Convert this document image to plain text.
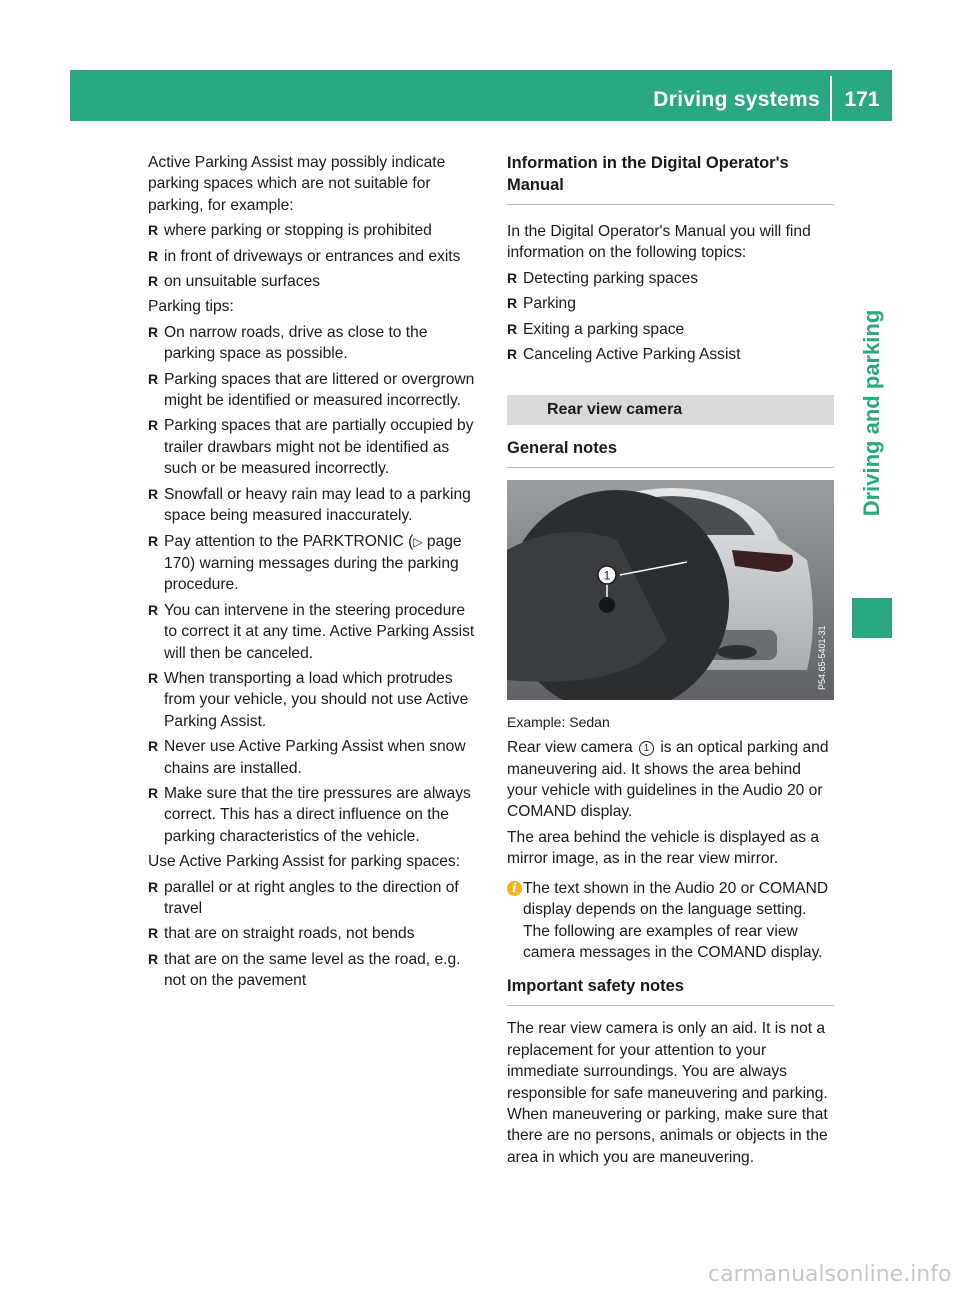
Driving systems	171
Driving and parking

Active Parking Assist may possibly indicate parking spaces which are not suitable for parking, for example:

R where parking or stopping is prohibited
R in front of driveways or entrances and exits
R on unsuitable surfaces

Parking tips:

R On narrow roads, drive as close to the parking space as possible.
R Parking spaces that are littered or overgrown might be identified or measured incorrectly.
R Parking spaces that are partially occupied by trailer drawbars might not be identified as such or be measured incorrectly.
R Snowfall or heavy rain may lead to a parking space being measured inaccurately.
R Pay attention to the PARKTRONIC (▷ page 170) warning messages during the parking procedure.
R You can intervene in the steering procedure to correct it at any time. Active Parking Assist will then be canceled.
R When transporting a load which protrudes from your vehicle, you should not use Active Parking Assist.
R Never use Active Parking Assist when snow chains are installed.
R Make sure that the tire pressures are always correct. This has a direct influence on the parking characteristics of the vehicle.

Use Active Parking Assist for parking spaces:

R parallel or at right angles to the direction of travel
R that are on straight roads, not bends
R that are on the same level as the road, e.g. not on the pavement
Information in the Digital Operator's Manual

In the Digital Operator's Manual you will find information on the following topics:

R Detecting parking spaces
R Parking
R Exiting a parking space
R Canceling Active Parking Assist
Rear view camera
General notes
1
P54.65-5401-31

Example: Sedan

Rear view camera 1 is an optical parking and maneuvering aid. It shows the area behind your vehicle with guidelines in the Audio 20 or COMAND display.

The area behind the vehicle is displayed as a mirror image, as in the rear view mirror.

i The text shown in the Audio 20 or COMAND display depends on the language setting. The following are examples of rear view camera messages in the COMAND display.
Important safety notes

The rear view camera is only an aid. It is not a replacement for your attention to your immediate surroundings. You are always responsible for safe maneuvering and parking. When maneuvering or parking, make sure that there are no persons, animals or objects in the area in which you are maneuvering.

carmanualsonline.info
